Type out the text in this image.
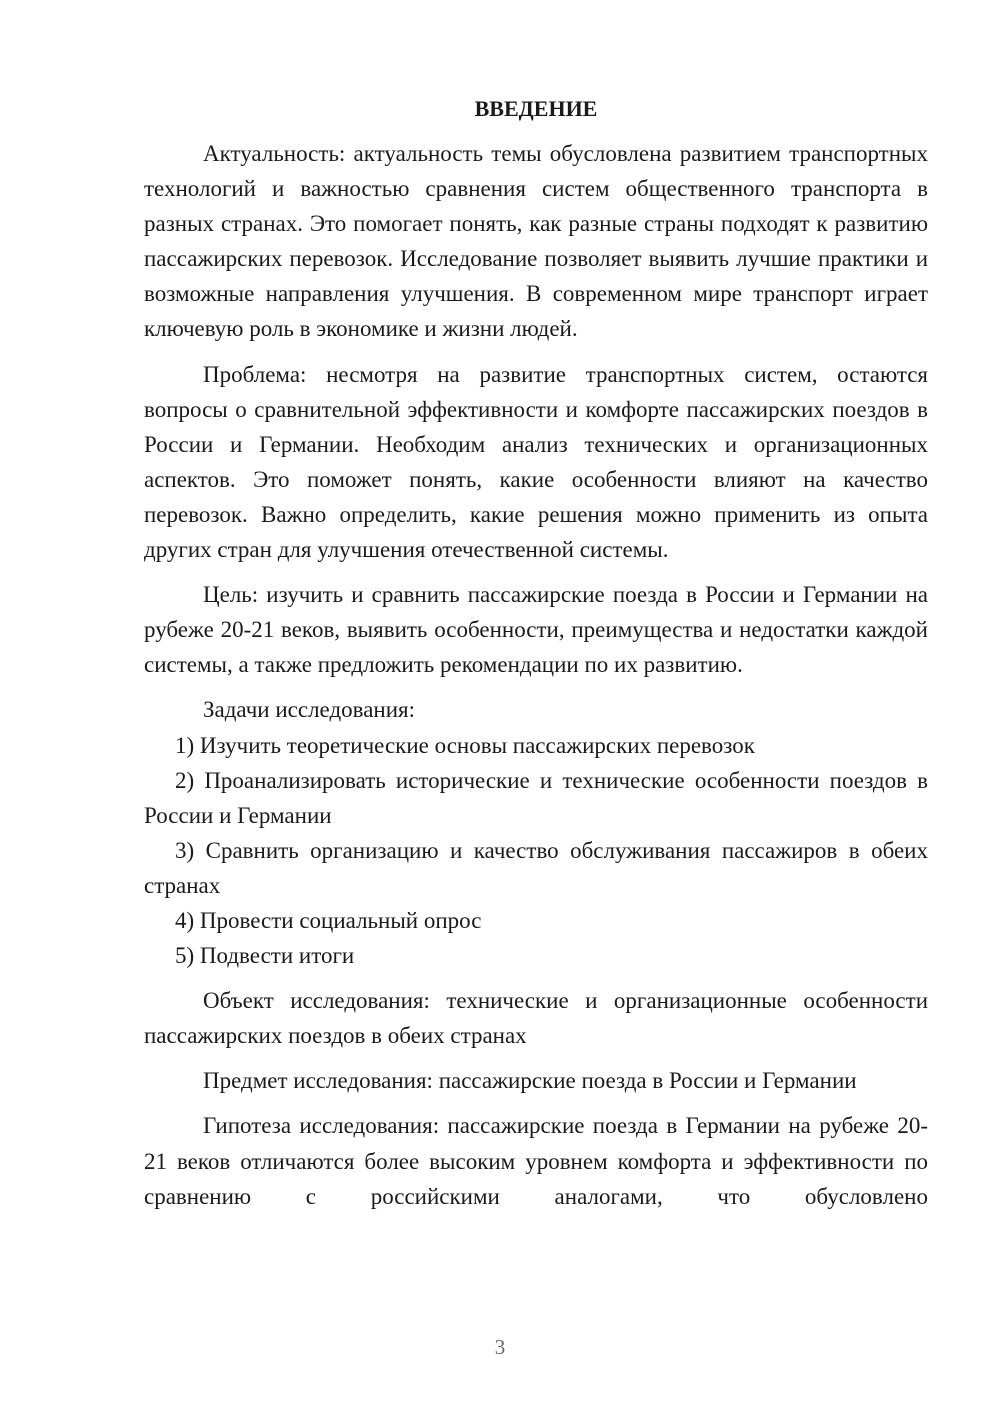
ВВЕДЕНИЕ

Актуальность: актуальность темы обусловлена развитием транспортных технологий и важностью сравнения систем общественного транспорта в разных странах. Это помогает понять, как разные страны подходят к развитию пассажирских перевозок. Исследование позволяет выявить лучшие практики и возможные направления улучшения. В современном мире транспорт играет ключевую роль в экономике и жизни людей.

Проблема: несмотря на развитие транспортных систем, остаются вопросы о сравнительной эффективности и комфорте пассажирских поездов в России и Германии. Необходим анализ технических и организационных аспектов. Это поможет понять, какие особенности влияют на качество перевозок. Важно определить, какие решения можно применить из опыта других стран для улучшения отечественной системы.

Цель: изучить и сравнить пассажирские поезда в России и Германии на рубеже 20-21 веков, выявить особенности, преимущества и недостатки каждой системы, а также предложить рекомендации по их развитию.

Задачи исследования:

1) Изучить теоретические основы пассажирских перевозок

2) Проанализировать исторические и технические особенности поездов в России и Германии

3) Сравнить организацию и качество обслуживания пассажиров в обеих странах

4) Провести социальный опрос

5) Подвести итоги

Объект исследования: технические и организационные особенности пассажирских поездов в обеих странах

Предмет исследования: пассажирские поезда в России и Германии

Гипотеза исследования: пассажирские поезда в Германии на рубеже 20-21 веков отличаются более высоким уровнем комфорта и эффективности по сравнению с российскими аналогами, что обусловлено

3
